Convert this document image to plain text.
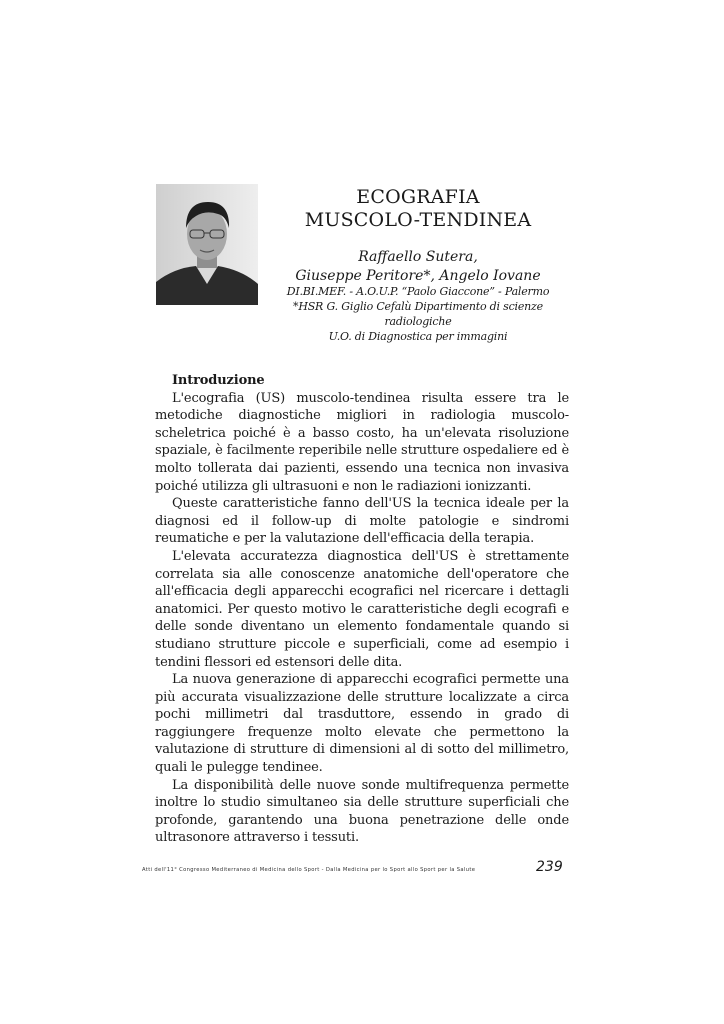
ECOGRAFIA
MUSCOLO-TENDINEA
Raffaello Sutera,
Giuseppe Peritore*, Angelo Iovane
DI.BI.MEF. - A.O.U.P. “Paolo Giaccone” - Palermo
*HSR G. Giglio Cefalù Dipartimento di scienze radiologiche
U.O. di Diagnostica per immagini
Introduzione

L'ecografia (US) muscolo-tendinea risulta essere tra le metodiche diagnostiche migliori in radiologia muscolo-scheletrica poiché è a basso costo, ha un'elevata risoluzione spaziale, è facilmente reperibile nelle strutture ospedaliere ed è molto tollerata dai pazienti, essendo una tecnica non invasiva poiché utilizza gli ultrasuoni e non le radiazioni ionizzanti.

Queste caratteristiche fanno dell'US la tecnica ideale per la diagnosi ed il follow-up di molte patologie e sindromi reumatiche e per la valutazione dell'efficacia della terapia.

L'elevata accuratezza diagnostica dell'US è strettamente correlata sia alle conoscenze anatomiche dell'operatore che all'efficacia degli apparecchi ecografici nel ricercare i dettagli anatomici. Per questo motivo le caratteristiche degli ecografi e delle sonde diventano un elemento fondamentale quando si studiano strutture piccole e superficiali, come ad esempio i tendini flessori ed estensori delle dita.

La nuova generazione di apparecchi ecografici permette una più accurata visualizzazione delle strutture localizzate a circa pochi millimetri dal trasduttore, essendo in grado di raggiungere frequenze molto elevate che permettono la valutazione di strutture di dimensioni al di sotto del millimetro, quali le pulegge tendinee.

La disponibilità delle nuove sonde multifrequenza permette inoltre lo studio simultaneo sia delle strutture superficiali che profonde, garantendo una buona penetrazione delle onde ultrasonore attraverso i tessuti.

Atti dell'11° Congresso Mediterraneo di Medicina dello Sport - Dalla Medicina per lo Sport allo Sport per la Salute	239
